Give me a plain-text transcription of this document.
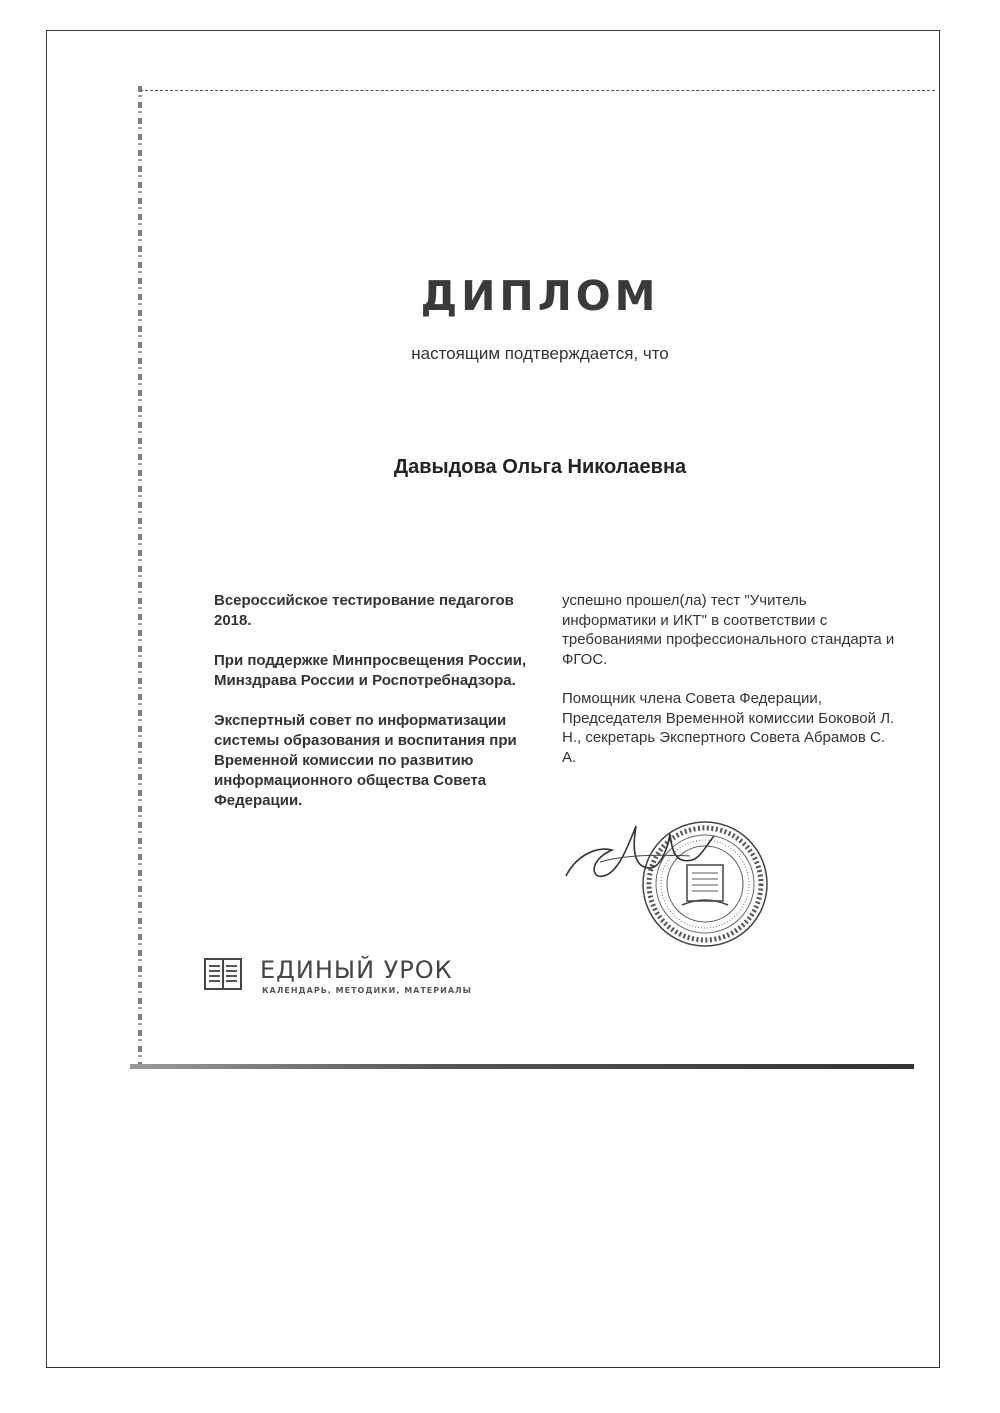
ДИПЛОМ
настоящим подтверждается, что
Давыдова Ольга Николаевна

Всероссийское тестирование педагогов 2018.

При поддержке Минпросвещения России, Минздрава России и Роспотребнадзора.

Экспертный совет по информатизации системы образования и воспитания при Временной комиссии по развитию информационного общества Совета Федерации.

успешно прошел(ла) тест "Учитель информатики и ИКТ" в соответствии с требованиями профессионального стандарта и ФГОС.

Помощник члена Совета Федерации, Председателя Временной комиссии Боковой Л. Н., секретарь Экспертного Совета Абрамов С. А.

ЕДИНЫЙ УРОК
КАЛЕНДАРЬ, МЕТОДИКИ, МАТЕРИАЛЫ
